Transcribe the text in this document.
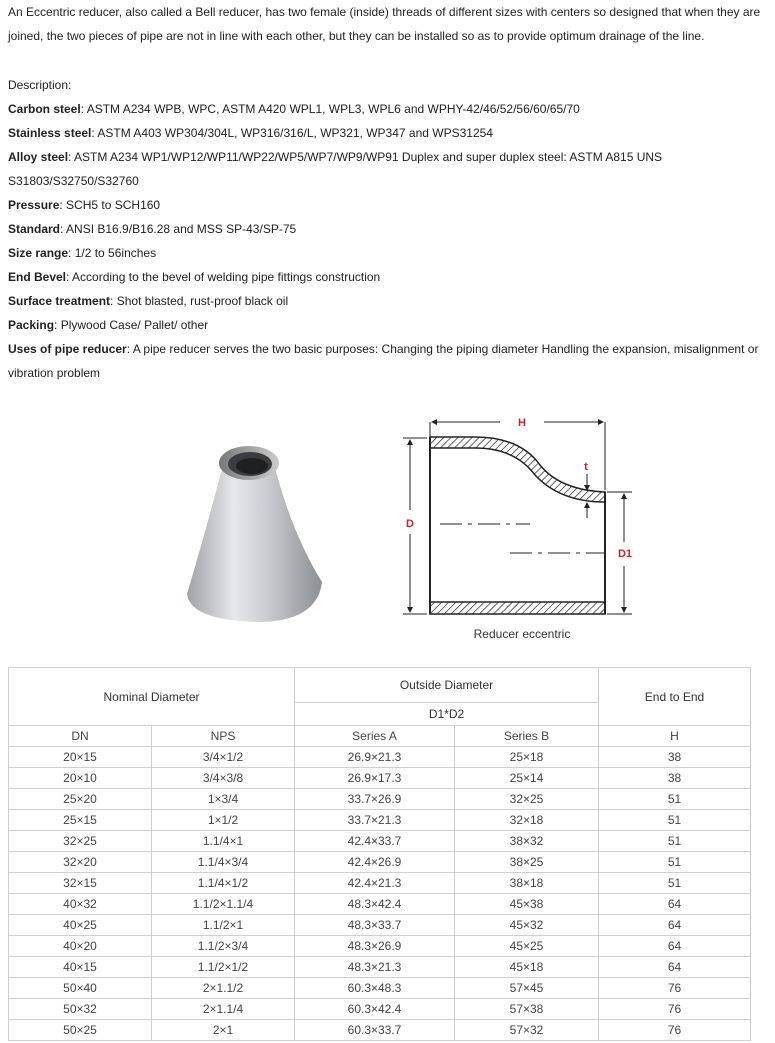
An Eccentric reducer, also called a Bell reducer, has two female (inside) threads of different sizes with centers so designed that when they are joined, the two pieces of pipe are not in line with each other, but they can be installed so as to provide optimum drainage of the line.

Description:

Carbon steel: ASTM A234 WPB, WPC, ASTM A420 WPL1, WPL3, WPL6 and WPHY-42/46/52/56/60/65/70

Stainless steel: ASTM A403 WP304/304L, WP316/316/L, WP321, WP347 and WPS31254

Alloy steel: ASTM A234 WP1/WP12/WP11/WP22/WP5/WP7/WP9/WP91 Duplex and super duplex steel: ASTM A815 UNS S31803/S32750/S32760

Pressure: SCH5 to SCH160

Standard: ANSI B16.9/B16.28 and MSS SP-43/SP-75

Size range: 1/2 to 56inches

End Bevel: According to the bevel of welding pipe fittings construction

Surface treatment: Shot blasted, rust-proof black oil

Packing: Plywood Case/ Pallet/ other

Uses of pipe reducer: A pipe reducer serves the two basic purposes: Changing the piping diameter Handling the expansion, misalignment or vibration problem

H
D
D1
t
Reducer eccentric
Nominal Diameter		Outside Diameter		End to End
		D1*D2		
DN	NPS	Series A	Series B	H
20×15	3/4×1/2	26.9×21.3	25×18	38
20×10	3/4×3/8	26.9×17.3	25×14	38
25×20	1×3/4	33.7×26.9	32×25	51
25×15	1×1/2	33.7×21.3	32×18	51
32×25	1.1/4×1	42.4×33.7	38×32	51
32×20	1.1/4×3/4	42.4×26.9	38×25	51
32×15	1.1/4×1/2	42.4×21.3	38×18	51
40×32	1.1/2×1.1/4	48.3×42.4	45×38	64
40×25	1.1/2×1	48.3×33.7	45×32	64
40×20	1.1/2×3/4	48.3×26.9	45×25	64
40×15	1.1/2×1/2	48.3×21.3	45×18	64
50×40	2×1.1/2	60.3×48.3	57×45	76
50×32	2×1.1/4	60.3×42.4	57×38	76
50×25	2×1	60.3×33.7	57×32	76
